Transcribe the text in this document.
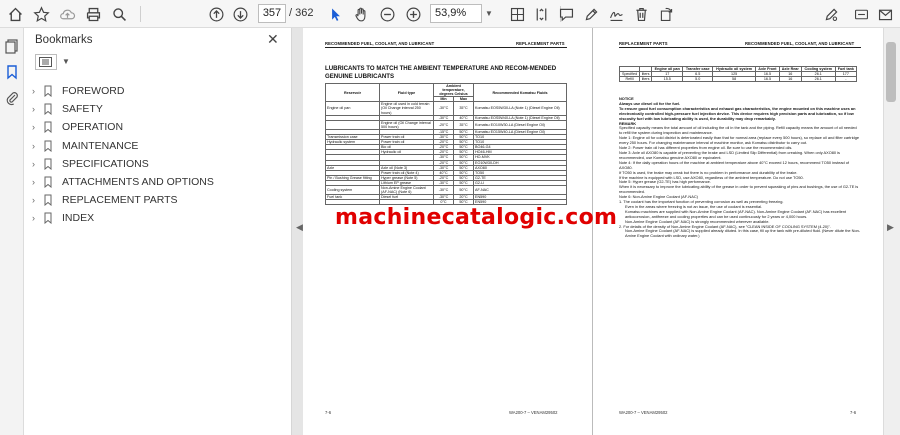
357 / 362	53,9%	▼
Bookmarks	✕
▼
›	FOREWORD
›	SAFETY
›	OPERATION
›	MAINTENANCE
›	SPECIFICATIONS
›	ATTACHMENTS AND OPTIONS
›	REPLACEMENT PARTS
›	INDEX
◀	▶
RECOMMENDED FUEL, COOLANT, AND LUBRICANT	REPLACEMENT PARTS
LUBRICANTS TO MATCH THE AMBIENT TEMPERATURE AND RECOM-MENDED GENUINE LUBRICANTS
Reservoir	Fluid type	Ambient temperature, degrees Celsius		Recommended Komatsu Fluids
		Min	Max	
Engine oil pan	Engine oil used in cold terrain (Oil Change interval 250 hours)	-30°C	35°C	Komatsu EOS5W30-LA (Note 1) (Diesel Engine Oil)
		-30°C	40°C	Komatsu EOS5W40-LA (Note 1) (Diesel Engine Oil)
	Engine oil (Oil Change interval 500 hours)	-20°C	35°C	Komatsu EO10W30-LA (Diesel Engine Oil)
		-15°C	50°C	Komatsu EO15W40-LA (Diesel Engine Oil)
Transmission case	Power train oil	-30°C	50°C	TO10
Hydraulic system	Power train oil	-20°C	50°C	TO10
	Bio oil	-20°C	50°C	BO46-G4
	Hydraulic oil	-20°C	50°C	HO46-HM
		-30°C	50°C	HO-MVK
		-20°C	50°C	EO10W30-DH
Axle	Axle oil (Note 3)	-30°C	50°C	AXO80
	Power train oil (Note 4)	40°C	50°C	TO50
Pin / Bushing Grease fitting	Hyper grease (Note 5)	-20°C	50°C	G2-TE
	Lithium EP grease	-30°C	50°C	G2-LI
Cooling system	Non-Amine Engine Coolant (AF-NAC) (Note 6)	-30°C	50°C	AF-NAC
Fuel tank	Diesel fuel	-30°C	20°C	EN590
		0°C	50°C	EN590
7-6	WA200-7 – VENAM29502
REPLACEMENT PARTS	RECOMMENDED FUEL, COOLANT, AND LUBRICANT
		Engine oil pan	Transfer case	Hydraulic oil system	Axle Front	Axle Rear	Cooling system	Fuel tank
Specified	liters	17	6.5	125	16.5	16	26.1	177
Refill	liters	15.5	5.0	58	16.5	16	26.1	-

NOTICE

Always use diesel oil for the fuel.

To ensure good fuel consumption characteristics and exhaust gas characteristics, the engine mounted on this machine uses an electronically controlled high-pressure fuel injection device. This device requires high precision parts and lubrication, so if low viscosity fuel with low lubricating ability is used, the durability may drop remarkably.

REMARK

Specified capacity means the total amount of oil including the oil in the tank and the piping. Refill capacity means the amount of oil needed to refill the system during inspection and maintenance.

Note 1: Engine oil for cold district is deteriorated easily than that for normal area (replace every 500 hours), so replace oil and filter cartridge every 250 hours. For changing maintenance interval of machine monitor, ask Komatsu distributor to carry out.

Note 2: Power train oil has different properties from engine oil. Be sure to use the recommended oils.

Note 3: Axle oil AXO80 is capable of preventing the brake and LSD (Limited Slip Differential) from creaking. When only AXO80 is recommended, use Komatsu genuine AXO80 or equivalent.

Note 4: If the daily operation hours of the machine at ambient temperature above 40°C exceed 12 hours, recommend TO50 instead of AXO80.

If TO50 is used, the brake may creak but there is no problem in performance and durability of the brake.

If the machine is equipped with LSD, use AXO80, regardless of the ambient temperature. Do not use TO50.

Note 5: Hyper grease (G2-TE) has high performance.

When it is necessary to improve the lubricating ability of the grease in order to prevent squeaking of pins and bushings, the use of G2-TE is recommended.

Note 6: Non-Amine Engine Coolant (AF-NAC)

1. The coolant has the important function of preventing corrosion as well as preventing freezing.

Even in the areas where freezing is not an issue, the use of coolant is essential.

Komatsu machines are supplied with Non-Amine Engine Coolant (AF-NAC). Non-Amine Engine Coolant (AF-NAC) has excellent antiocorrosion, antifreeze and cooling properties and can be used continuously for 2 years or 4,000 hours.

Non-Amine Engine Coolant (AF-NAC) is strongly recommended wherever available.

2. For details of the density of Non-Amine Engine Coolant (AF-NAC), see "CLEAN INSIDE OF COOLING SYSTEM (4-20)".

Non-Amine Engine Coolant (AF-NAC) is supplied already diluted. In this case, fill up the tank with pre-diluted fluid. (Never dilute the Non-Amine Engine Coolant with ordinary water.)

WA200-7 – VENAM29502	7-6
machinecatalogic.com
